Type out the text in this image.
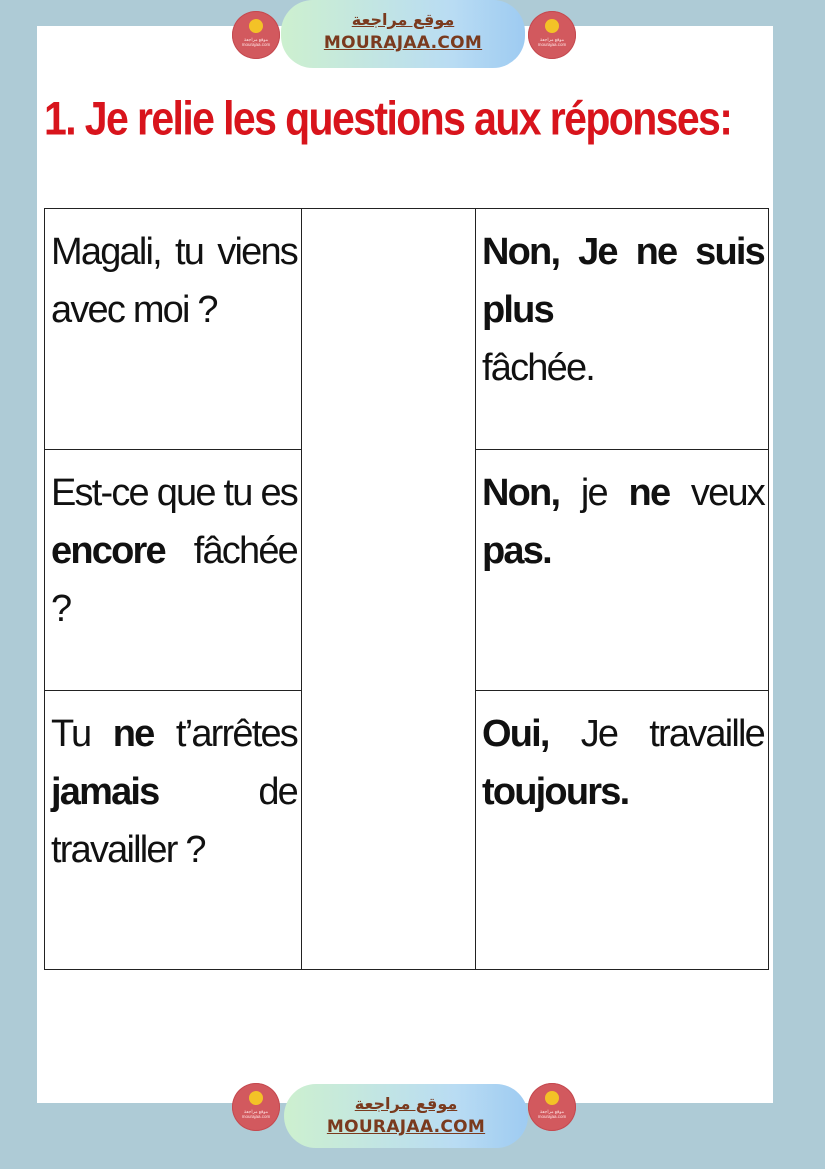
موقع مراجعة mourajaa.com
موقع مراجعة
MOURAJAA.COM	موقع مراجعة mourajaa.com
1. Je relie les questions aux réponses:
Magali, tu viens
avec moi ?		Non, Je ne suis plus
fâchée.

Est-ce que tu es
encore fâchée ?		Non, je ne veux pas.

Tu ne t’arrêtes
jamais de
travailler ?		Oui, Je travaille
toujours.
موقع مراجعة mourajaa.com
موقع مراجعة
MOURAJAA.COM
موقع مراجعة mourajaa.com
